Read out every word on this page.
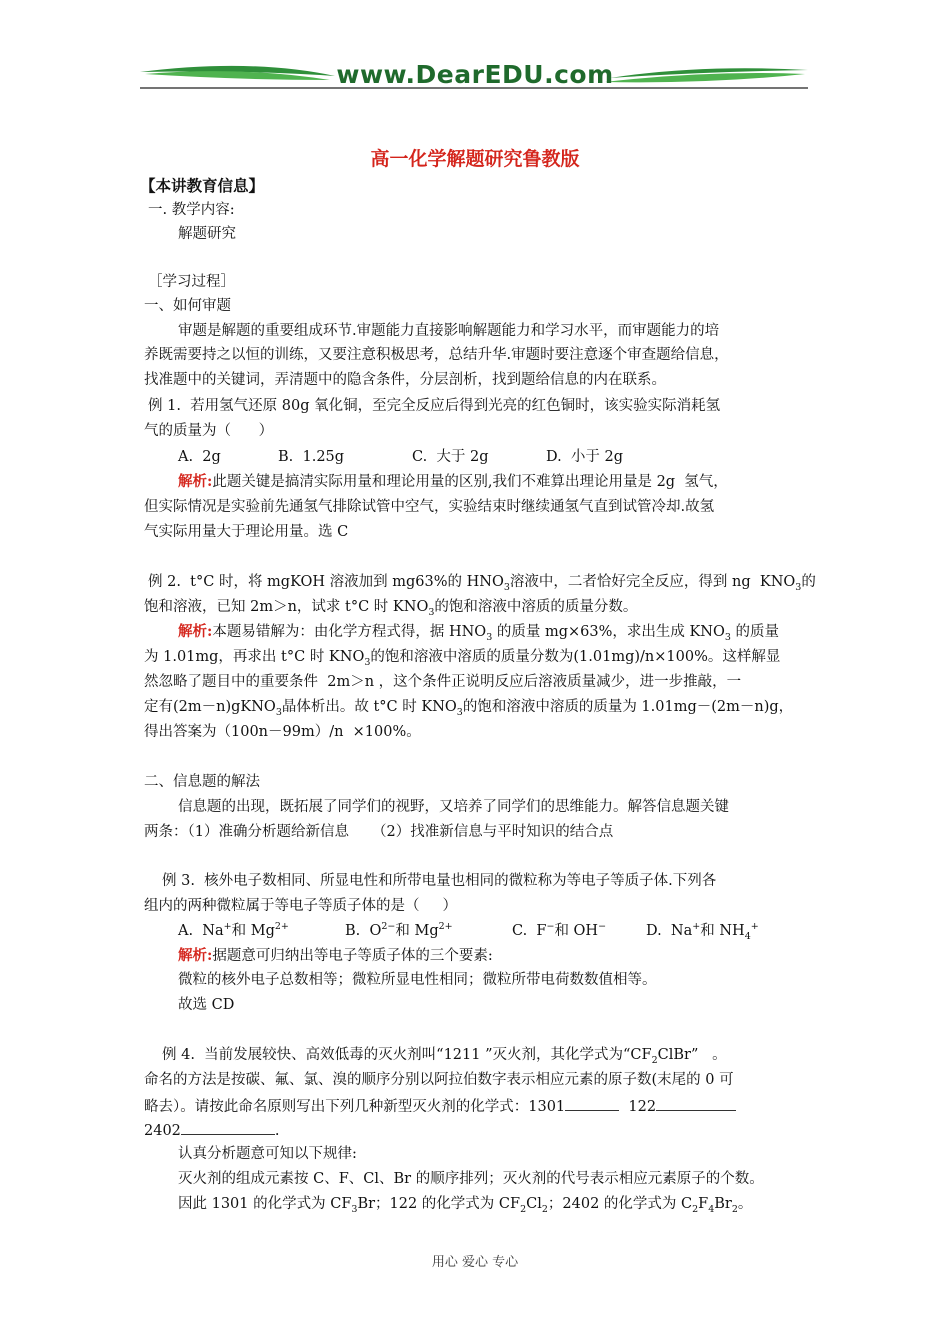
www.DearEDU.com
高一化学解题研究鲁教版
【本讲教育信息】
一. 教学内容:
解题研究
［学习过程］
一、如何审题
审题是解题的重要组成环节.审题能力直接影响解题能力和学习水平，而审题能力的培
养既需要持之以恒的训练，又要注意积极思考，总结升华.审题时要注意逐个审查题给信息，
找准题中的关键词，弄清题中的隐含条件，分层剖析，找到题给信息的内在联系。
例 1.  若用氢气还原 80g 氧化铜，至完全反应后得到光亮的红色铜时，该实验实际消耗氢
气的质量为（      ）
A.  2g	B.  1.25g	C.  大于 2g	D.  小于 2g
解析:此题关键是搞清实际用量和理论用量的区别,我们不难算出理论用量是 2g  氢气，
但实际情况是实验前先通氢气排除试管中空气，实验结束时继续通氢气直到试管冷却.故氢
气实际用量大于理论用量。选 C
例 2.  t°C 时，将 mgKOH 溶液加到 mg63%的 $HNO_3$溶液中，二者恰好完全反应，得到 ng  $KNO_3$的
饱和溶液，已知 2m＞n，试求 t°C 时 $KNO_3$的饱和溶液中溶质的质量分数。
解析:本题易错解为：由化学方程式得，据 $HNO_3$ 的质量 mg×63%，求出生成 $KNO_3$ 的质量
为 1.01mg，再求出 t°C 时 $KNO_3$的饱和溶液中溶质的质量分数为(1.01mg)/n×100%。这样解显
然忽略了题目中的重要条件  2m＞n ，这个条件正说明反应后溶液质量减少，进一步推敲，一
定有(2m－n)gKNO$_3$晶体析出。故 t°C 时 $KNO_3$的饱和溶液中溶质的质量为 1.01mg－(2m－n)g，
得出答案为（100n－99m）/n  ×100%。
二、信息题的解法
信息题的出现，既拓展了同学们的视野，又培养了同学们的思维能力。解答信息题关键
两条：（1）准确分析题给新信息     （2）找准新信息与平时知识的结合点
例 3.  核外电子数相同、所显电性和所带电量也相同的微粒称为等电子等质子体.下列各
组内的两种微粒属于等电子等质子体的是（     ）
A.  Na+和 $Mg^{2+}$	B.  $O^{2-}$和 $Mg^{2+}$	C.  F−和 OH−	D.  Na+和 $NH_4^+$
解析:据题意可归纳出等电子等质子体的三个要素:
微粒的核外电子总数相等；微粒所显电性相同；微粒所带电荷数数值相等。
故选 CD
例 4.  当前发展较快、高效低毒的灭火剂叫“1211 ”灭火剂，其化学式为“$CF_2ClBr$”   。
命名的方法是按碳、氟、氯、溴的顺序分别以阿拉伯数字表示相应元素的原子数(末尾的 0 可
略去）。请按此命名原则写出下列几种新型灭火剂的化学式：1301	122
2402	.
认真分析题意可知以下规律:
灭火剂的组成元素按 C、F、Cl、Br 的顺序排列；灭火剂的代号表示相应元素原子的个数。
因此 1301 的化学式为 $CF_3Br$；122 的化学式为 $CF_2Cl_2$；2402 的化学式为 $C_2F_4Br_2$。
用心 爱心 专心
